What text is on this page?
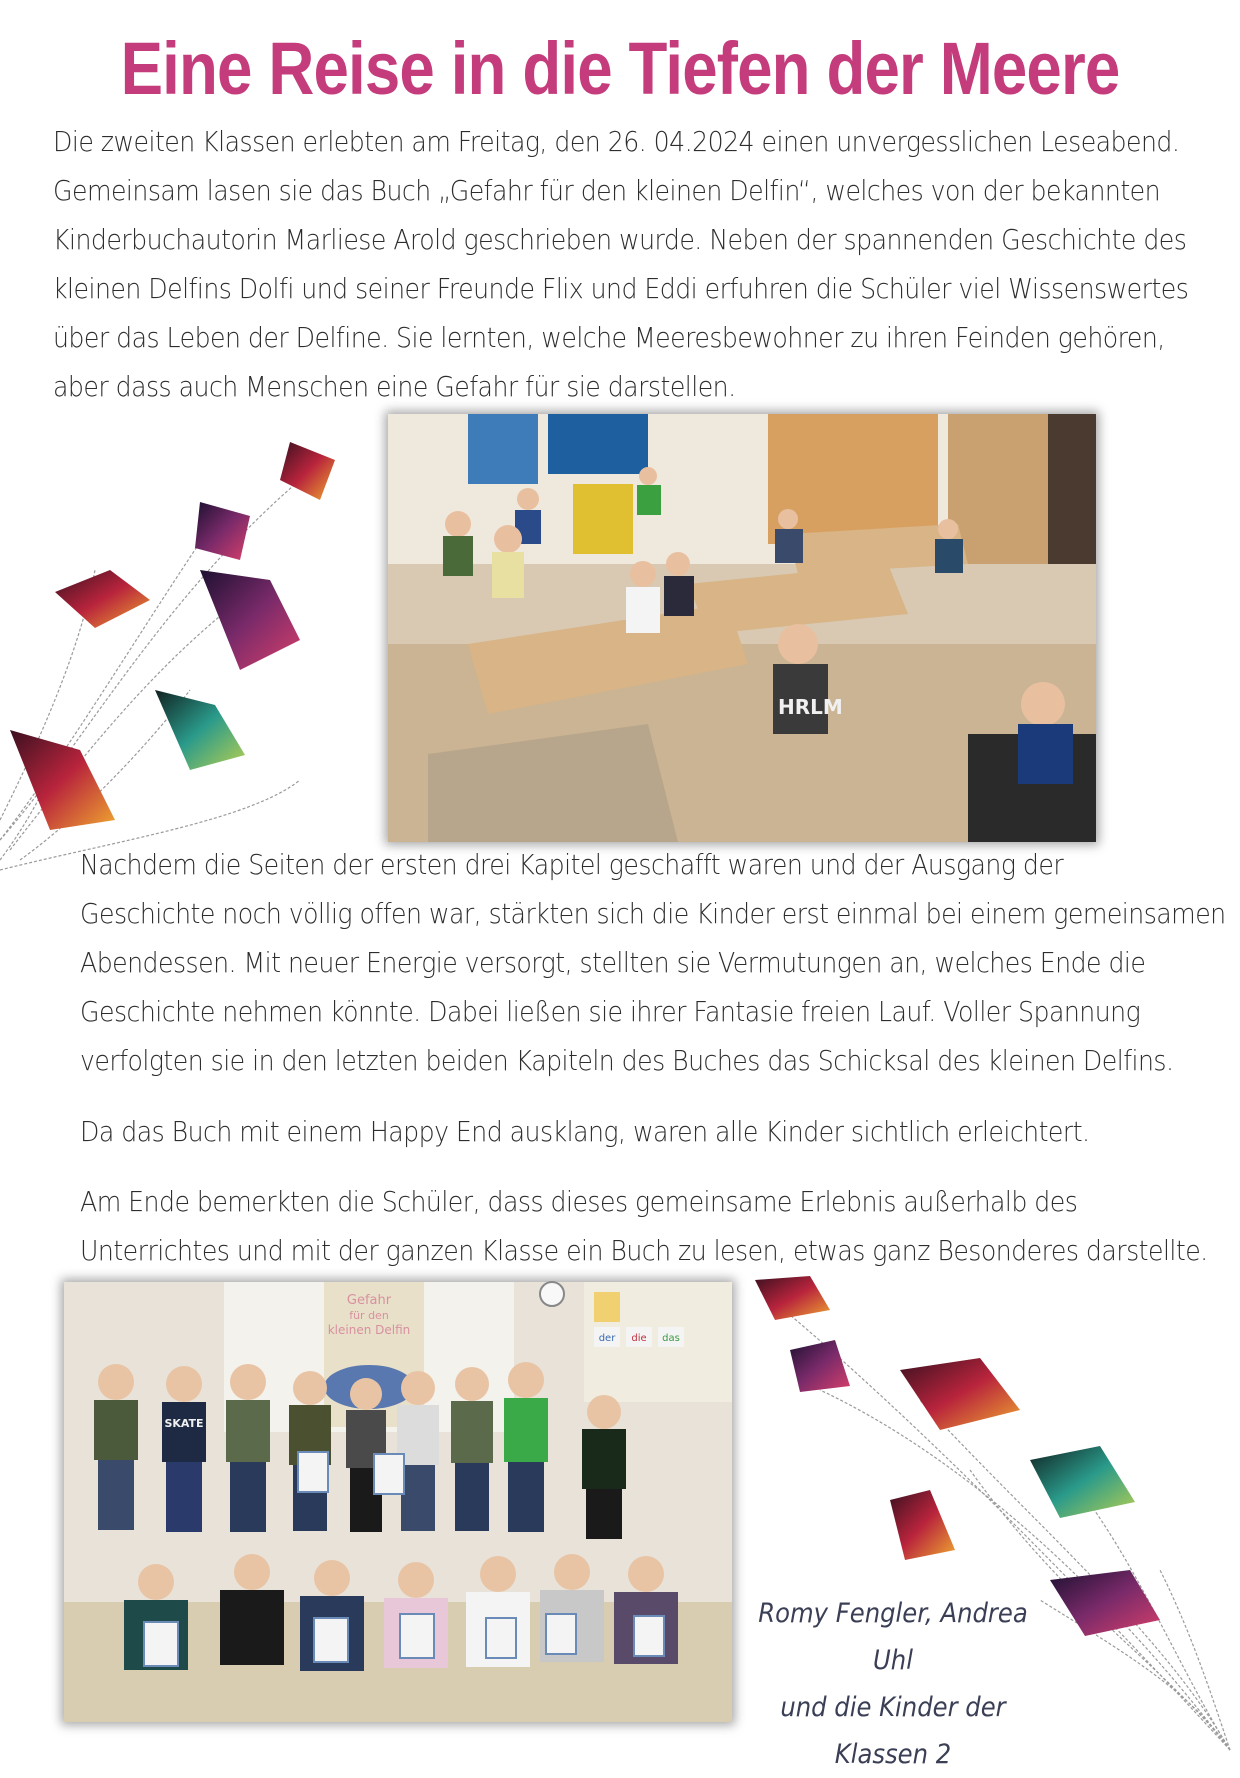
Eine Reise in die Tiefen der Meere
Die zweiten Klassen erlebten am Freitag, den 26. 04.2024 einen unvergesslichen Leseabend.
Gemeinsam lasen sie das Buch „Gefahr für den kleinen Delfin“, welches von der bekannten
Kinderbuchautorin Marliese Arold geschrieben wurde. Neben der spannenden Geschichte des
kleinen Delfins Dolfi und seiner Freunde Flix und Eddi erfuhren die Schüler viel Wissenswertes
über das Leben der Delfine. Sie lernten, welche Meeresbewohner zu ihren Feinden gehören,
aber dass auch Menschen eine Gefahr für sie darstellen.
HRLM
Nachdem die Seiten der ersten drei Kapitel geschafft waren und der Ausgang der
Geschichte noch völlig offen war, stärkten sich die Kinder erst einmal bei einem gemeinsamen
Abendessen. Mit neuer Energie versorgt, stellten sie Vermutungen an, welches Ende die
Geschichte nehmen könnte. Dabei ließen sie ihrer Fantasie freien Lauf. Voller Spannung
verfolgten sie in den letzten beiden Kapiteln des Buches das Schicksal des kleinen Delfins.
Da das Buch mit einem Happy End ausklang, waren alle Kinder sichtlich erleichtert.
Am Ende bemerkten die Schüler, dass dieses gemeinsame Erlebnis außerhalb des
Unterrichtes und mit der ganzen Klasse ein Buch zu lesen, etwas ganz Besonderes darstellte.
Gefahr
für den
kleinen Delfin
der die das
SKATE
Romy Fengler, Andrea Uhl
und die Kinder der
Klassen 2
